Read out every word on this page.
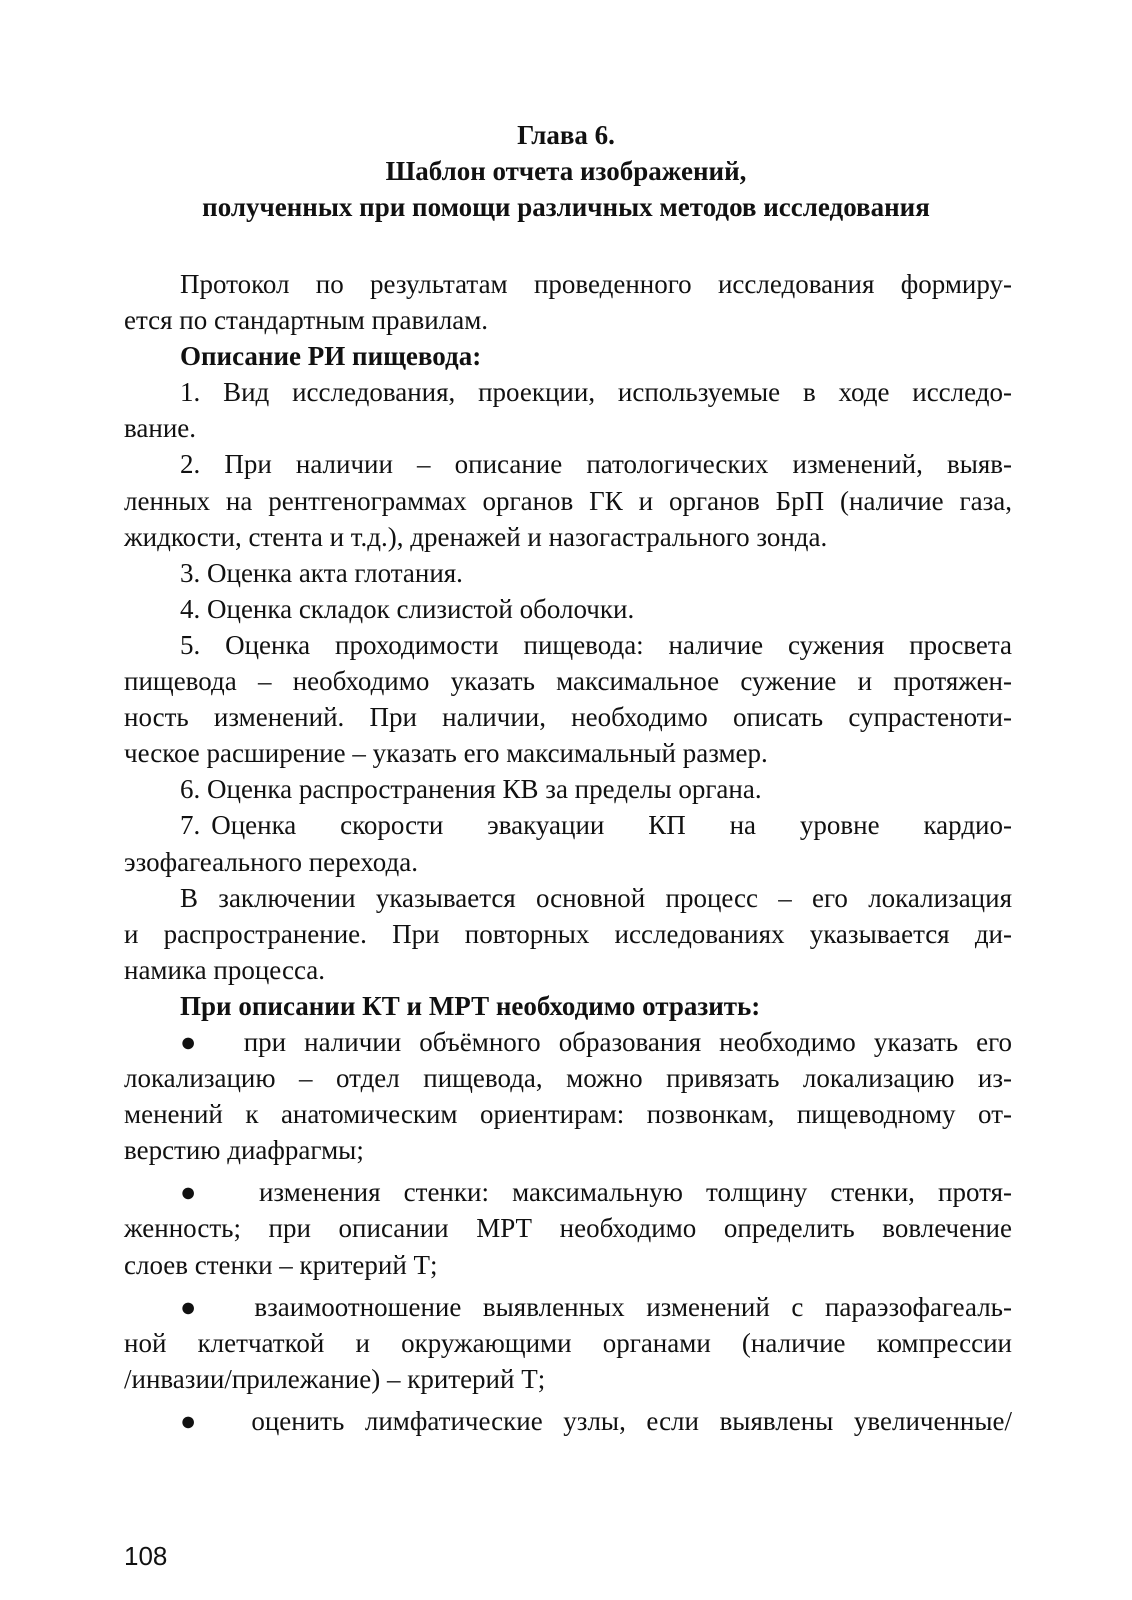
Глава 6.
Шаблон отчета изображений,
полученных при помощи различных методов исследования
Протокол по результатам проведенного исследования формиру-
ется по стандартным правилам.
Описание РИ пищевода:
1. Вид исследования, проекции, используемые в ходе исследо-
вание.
2. При наличии – описание патологических изменений, выяв-
ленных на рентгенограммах органов ГК и органов БрП (наличие газа,
жидкости, стента и т.д.), дренажей и назогастрального зонда.
3. Оценка акта глотания.
4. Оценка складок слизистой оболочки.
5. Оценка проходимости пищевода: наличие сужения просвета
пищевода – необходимо указать максимальное сужение и протяжен-
ность изменений. При наличии, необходимо описать супрастеноти-
ческое расширение – указать его максимальный размер.
6. Оценка распространения КВ за пределы органа.
7. Оценка    скорости    эвакуации    КП    на    уровне    кардио-
эзофагеального перехода.
В заключении указывается основной процесс – его локализация
и распространение. При повторных исследованиях указывается ди-
намика процесса.
При описании КТ и МРТ необходимо отразить:
● при наличии объёмного образования необходимо указать его
локализацию – отдел пищевода, можно привязать локализацию из-
менений к анатомическим ориентирам: позвонкам, пищеводному от-
верстию диафрагмы;
● изменения стенки: максимальную толщину стенки, протя-
женность; при описании МРТ необходимо определить вовлечение
слоев стенки – критерий Т;
● взаимоотношение выявленных изменений с параэзофагеаль-
ной клетчаткой и окружающими органами (наличие компрессии
/инвазии/прилежание) – критерий Т;
● оценить лимфатические узлы, если выявлены увеличенные/
108
